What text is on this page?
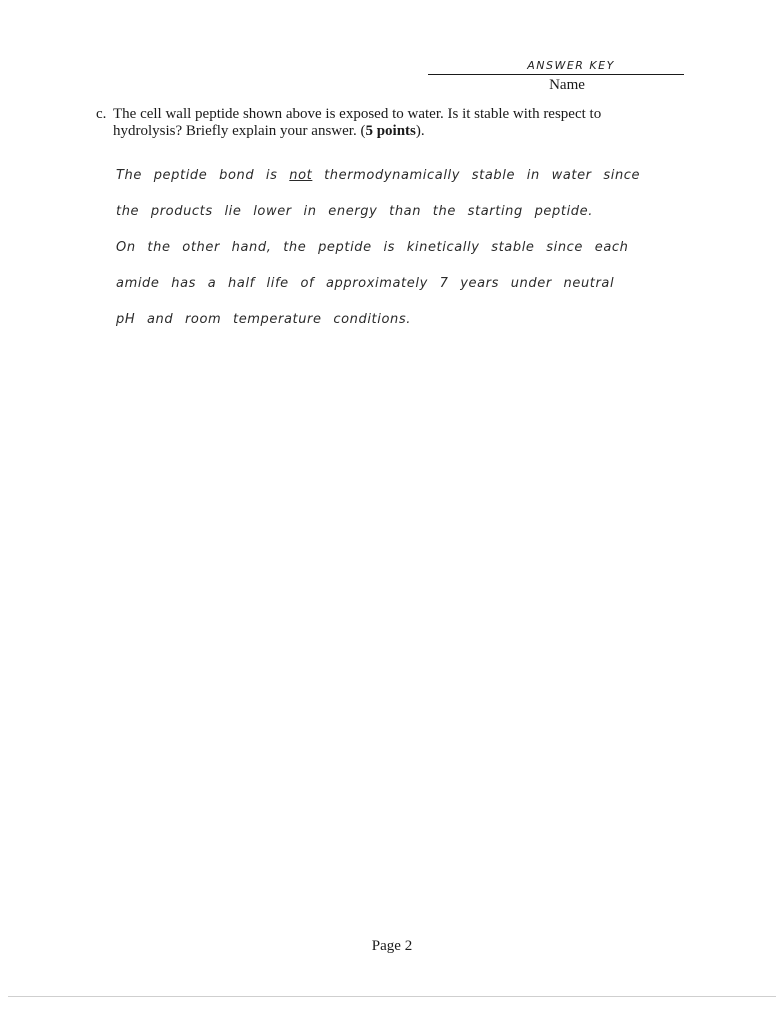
ANSWER KEY
Name
c. The cell wall peptide shown above is exposed to water. Is it stable with respect to
hydrolysis? Briefly explain your answer. (5 points).
The peptide bond is not thermodynamically stable in water since
the products lie lower in energy than the starting peptide.
On the other hand, the peptide is kinetically stable since each
amide has a half life of approximately 7 years under neutral
pH and room temperature conditions.
Page 2
